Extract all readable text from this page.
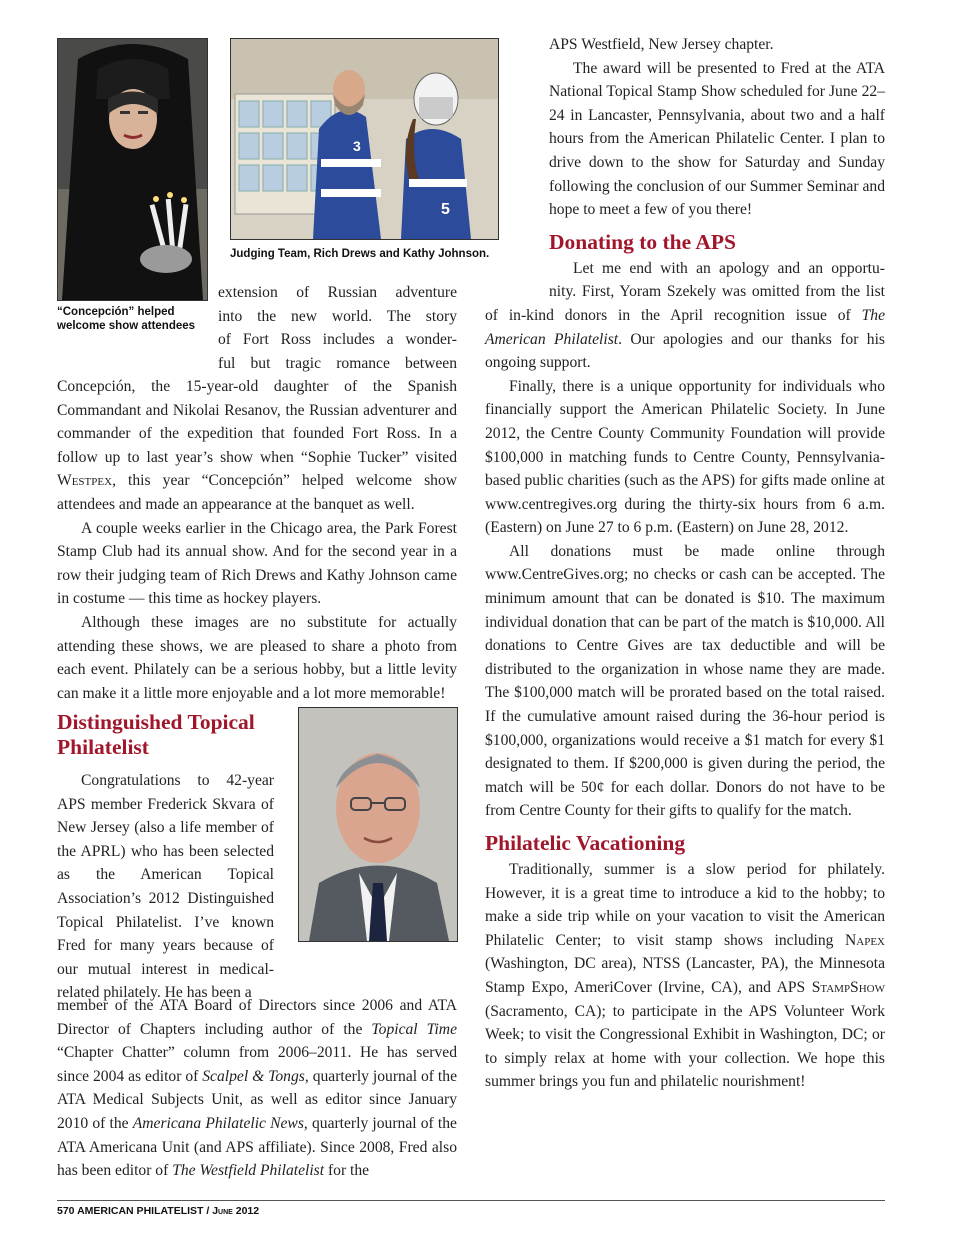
5
3
Judging Team, Rich Drews and Kathy Johnson.
“Concepción” helped welcome show attendees

extension of Russian adventure

into the new world. The story

of Fort Ross includes a wonder-

ful but tragic romance between

Concepción, the 15-year-old daughter of the Spanish Commandant and Nikolai Resanov, the Russian adventurer and commander of the expedition that founded Fort Ross. In a follow up to last year’s show when “Sophie Tucker” visited Westpex, this year “Concepción” helped welcome show attendees and made an appearance at the banquet as well.

A couple weeks earlier in the Chicago area, the Park Forest Stamp Club had its annual show. And for the second year in a row their judging team of Rich Drews and Kathy Johnson came in costume — this time as hockey players.

Although these images are no substitute for actually attending these shows, we are pleased to share a photo from each event. Philately can be a serious hobby, but a little levity can make it a little more enjoyable and a lot more memorable!

Distinguished Topical Philatelist

Congratulations to 42-year APS member Frederick Skvara of New Jersey (also a life member of the APRL) who has been selected as the American Topical Association’s 2012 Distinguished Topical Philatelist. I’ve known Fred for many years because of our mutual interest in medical-related philately. He has been a

member of the ATA Board of Directors since 2006 and ATA Director of Chapters including author of the Topical Time “Chapter Chatter” column from 2006–2011. He has served since 2004 as editor of Scalpel & Tongs, quarterly journal of the ATA Medical Subjects Unit, as well as editor since January 2010 of the Americana Philatelic News, quarterly journal of the ATA Americana Unit (and APS affiliate). Since 2008, Fred also has been editor of The Westfield Philatelist for the

APS Westfield, New Jersey chapter.

The award will be presented to Fred at the ATA National Topical Stamp Show scheduled for June 22–24 in Lancaster, Pennsylvania, about two and a half hours from the American Philatelic Center. I plan to drive down to the show for Saturday and Sunday following the conclusion of our Summer Seminar and hope to meet a few of you there!

Donating to the APS

Let me end with an apology and an opportu-

nity. First, Yoram Szekely was omitted from the list of in-kind donors in the April recognition issue of The American Philatelist. Our apologies and our thanks for his ongoing support.

Finally, there is a unique opportunity for individuals who financially support the American Philatelic Society. In June 2012, the Centre County Community Foundation will provide $100,000 in matching funds to Centre County, Pennsylvania-based public charities (such as the APS) for gifts made online at www.centregives.org during the thirty-six hours from 6 a.m. (Eastern) on June 27 to 6 p.m. (Eastern) on June 28, 2012.

All donations must be made online through www.CentreGives.org; no checks or cash can be accepted. The minimum amount that can be donated is $10. The maximum individual donation that can be part of the match is $10,000. All donations to Centre Gives are tax deductible and will be distributed to the organization in whose name they are made. The $100,000 match will be prorated based on the total raised. If the cumulative amount raised during the 36-hour period is $100,000, organizations would receive a $1 match for every $1 designated to them. If $200,000 is given during the period, the match will be 50¢ for each dollar. Donors do not have to be from Centre County for their gifts to qualify for the match.

Philatelic Vacationing

Traditionally, summer is a slow period for philately. However, it is a great time to introduce a kid to the hobby; to make a side trip while on your vacation to visit the American Philatelic Center; to visit stamp shows including Napex (Washington, DC area), NTSS (Lancaster, PA), the Minnesota Stamp Expo, AmeriCover (Irvine, CA), and APS StampShow (Sacramento, CA); to participate in the APS Volunteer Work Week; to visit the Congressional Exhibit in Washington, DC; or to simply relax at home with your collection. We hope this summer brings you fun and philatelic nourishment!

570 AMERICAN PHILATELIST / June 2012
